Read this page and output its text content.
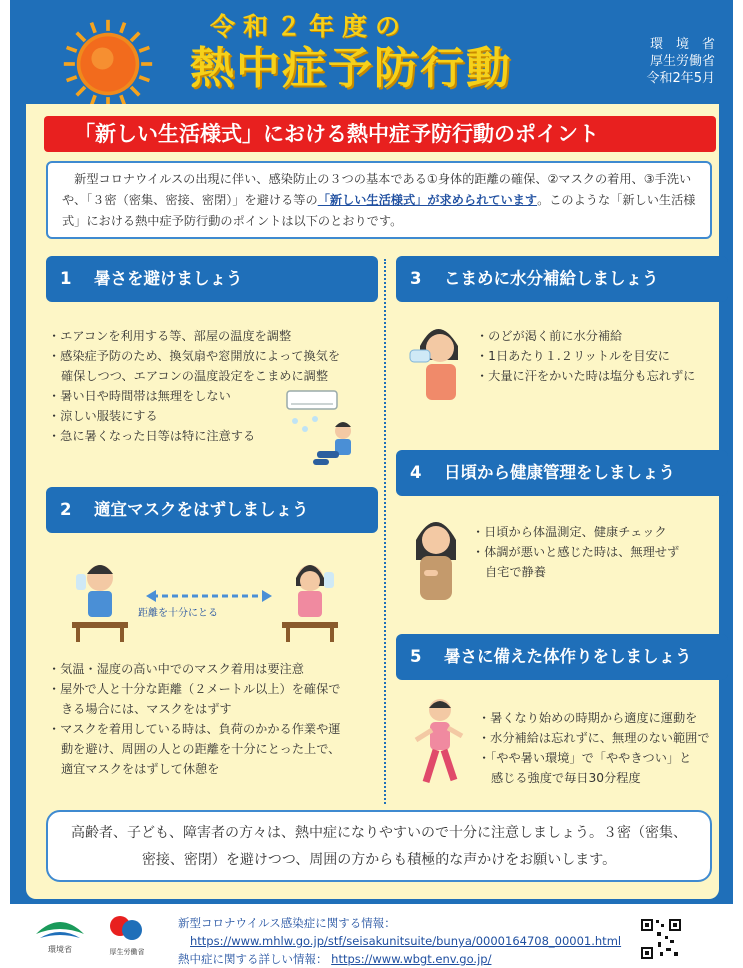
令和２年度の
熱中症予防行動	環　境　省
厚生労働省
令和2年5月
「新しい生活様式」における熱中症予防行動のポイント
　新型コロナウイルスの出現に伴い、感染防止の３つの基本である①身体的距離の確保、②マスクの着用、③手洗いや、「３密（密集、密接、密閉）」を避ける等の「新しい生活様式」が求められています。このような「新しい生活様式」における熱中症予防行動のポイントは以下のとおりです。
1 暑さを避けましょう
・エアコンを利用する等、部屋の温度を調整
・感染症予防のため、換気扇や窓開放によって換気を
確保しつつ、エアコンの温度設定をこまめに調整
・暑い日や時間帯は無理をしない
・涼しい服装にする
・急に暑くなった日等は特に注意する
2 適宜マスクをはずしましょう
距離を十分にとる
・気温・湿度の高い中でのマスク着用は要注意
・屋外で人と十分な距離（２メートル以上）を確保で
きる場合には、マスクをはずす
・マスクを着用している時は、負荷のかかる作業や運
動を避け、周囲の人との距離を十分にとった上で、
適宜マスクをはずして休憩を
3 こまめに水分補給しましょう
・のどが渇く前に水分補給
・1日あたり１.２リットルを目安に
・大量に汗をかいた時は塩分も忘れずに
4 日頃から健康管理をしましょう
・日頃から体温測定、健康チェック
・体調が悪いと感じた時は、無理せず
自宅で静養
5 暑さに備えた体作りをしましょう
・暑くなり始めの時期から適度に運動を
・水分補給は忘れずに、無理のない範囲で
・「やや暑い環境」で「ややきつい」と
感じる強度で毎日30分程度
高齢者、子ども、障害者の方々は、熱中症になりやすいので十分に注意しましょう。３密（密集、密接、密閉）を避けつつ、周囲の方からも積極的な声かけをお願いします。
環境省	厚生労働省
新型コロナウイルス感染症に関する情報：
https://www.mhlw.go.jp/stf/seisakunitsuite/bunya/0000164708_00001.html
熱中症に関する詳しい情報： https://www.wbgt.env.go.jp/
